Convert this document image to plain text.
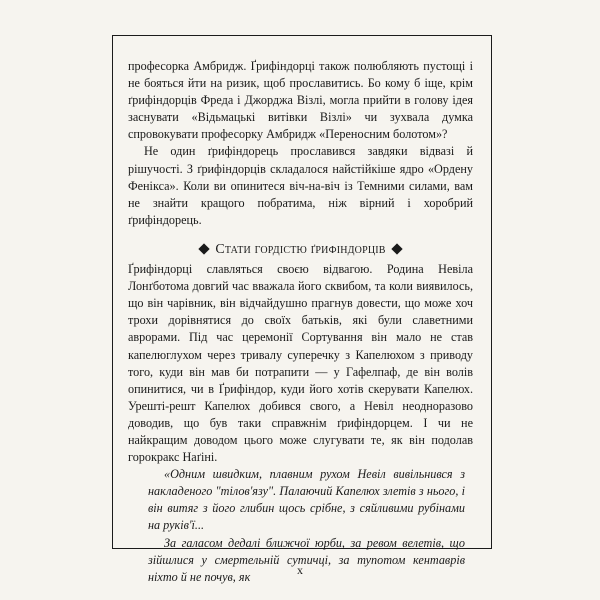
професорка Амбридж. Ґрифіндорці також полюбляють пустощі і не бояться йти на ризик, щоб прославитись. Бо кому б іще, крім ґрифіндорців Фреда і Джорджа Візлі, могла прийти в голову ідея заснувати «Відьмацькі витівки Візлі» чи зухвала думка спровокувати професорку Амбридж «Переносним болотом»?

Не один ґрифіндорець прославився завдяки відвазі й рішучості. З ґрифіндорців складалося найстійкіше ядро «Ордену Фенікса». Коли ви опинитеся віч-на-віч із Темними силами, вам не знайти кращого побратима, ніж вірний і хоробрий ґрифіндорець.

Стати гордістю ґрифіндорців

Ґрифіндорці славляться своєю відвагою. Родина Невіла Лонґботома довгий час вважала його сквибом, та коли виявилось, що він чарівник, він відчайдушно прагнув довести, що може хоч трохи дорівнятися до своїх батьків, які були славетними аврорами. Під час церемонії Сортування він мало не став капелюглухом через тривалу суперечку з Капелюхом з приводу того, куди він мав би потрапити — у Гафелпаф, де він волів опинитися, чи в Ґрифіндор, куди його хотів скерувати Капелюх. Урешті-решт Капелюх добився свого, а Невіл неодноразово доводив, що був таки справжнім ґрифіндорцем. І чи не найкращим доводом цього може слугувати те, як він подолав горокракс Наґіні.

«Одним швидким, плавним рухом Невіл вивільнився з накладеного "тілов'язу". Палаючий Капелюх злетів з нього, і він витяг з його глибин щось срібне, з сяйливими рубінами на руків'ї...

За галасом дедалі ближчої юрби, за ревом велетів, що зійшлися у смертельній сутичці, за тупотом кентаврів ніхто й не почув, як	x
